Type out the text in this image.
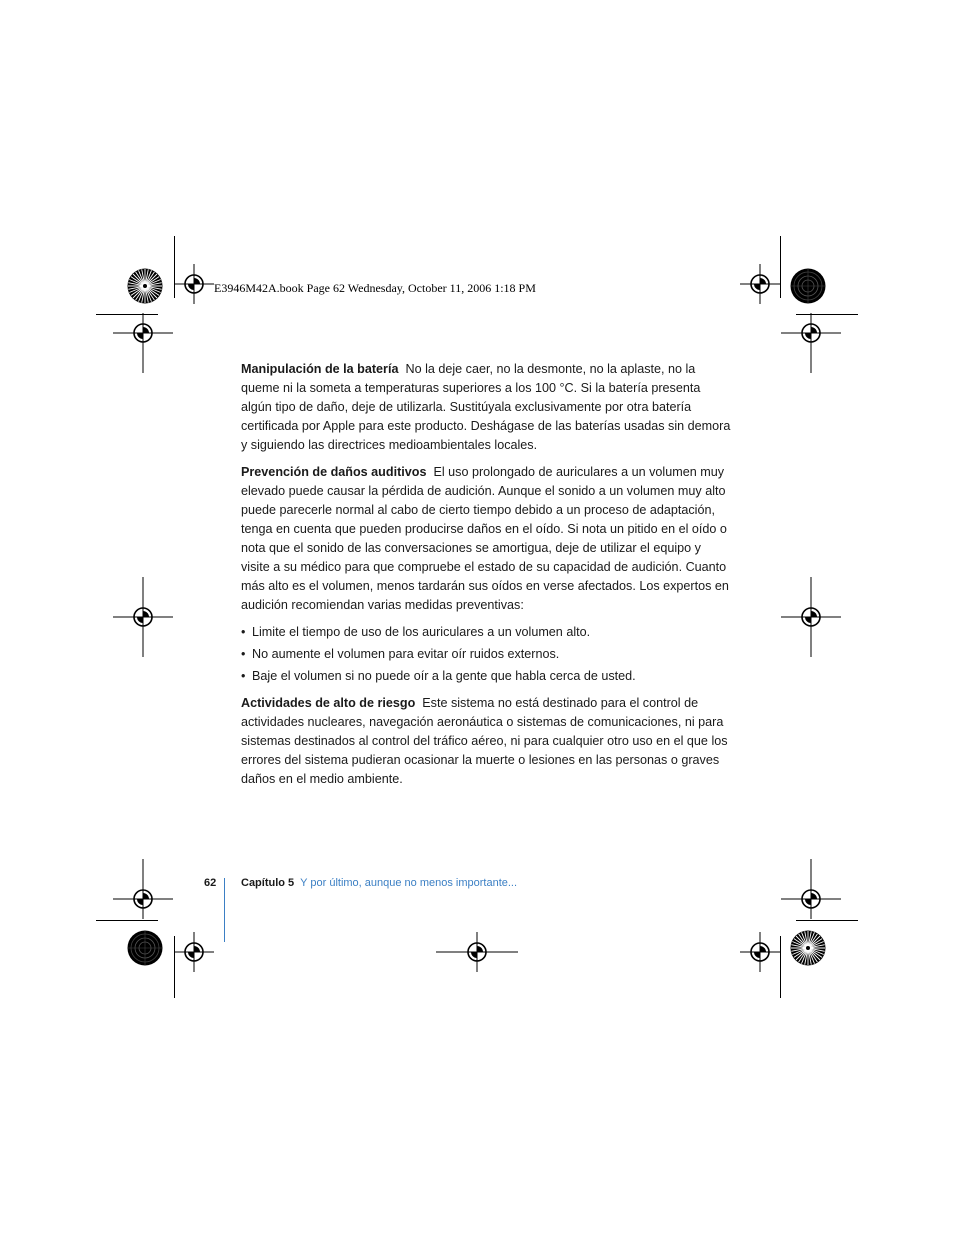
E3946M42A.book Page 62 Wednesday, October 11, 2006 1:18 PM

Manipulación de la batería No la deje caer, no la desmonte, no la aplaste, no la queme ni la someta a temperaturas superiores a los 100 °C. Si la batería presenta algún tipo de daño, deje de utilizarla. Sustitúyala exclusivamente por otra batería certificada por Apple para este producto. Deshágase de las baterías usadas sin demora y siguiendo las directrices medioambientales locales.

Prevención de daños auditivos El uso prolongado de auriculares a un volumen muy elevado puede causar la pérdida de audición. Aunque el sonido a un volumen muy alto puede parecerle normal al cabo de cierto tiempo debido a un proceso de adaptación, tenga en cuenta que pueden producirse daños en el oído. Si nota un pitido en el oído o nota que el sonido de las conversaciones se amortigua, deje de utilizar el equipo y visite a su médico para que compruebe el estado de su capacidad de audición. Cuanto más alto es el volumen, menos tardarán sus oídos en verse afectados. Los expertos en audición recomiendan varias medidas preventivas:

• Limite el tiempo de uso de los auriculares a un volumen alto.
• No aumente el volumen para evitar oír ruidos externos.
• Baje el volumen si no puede oír a la gente que habla cerca de usted.

Actividades de alto de riesgo Este sistema no está destinado para el control de actividades nucleares, navegación aeronáutica o sistemas de comunicaciones, ni para sistemas destinados al control del tráfico aéreo, ni para cualquier otro uso en el que los errores del sistema pudieran ocasionar la muerte o lesiones en las personas o graves daños en el medio ambiente.

62 Capítulo 5 Y por último, aunque no menos importante...
